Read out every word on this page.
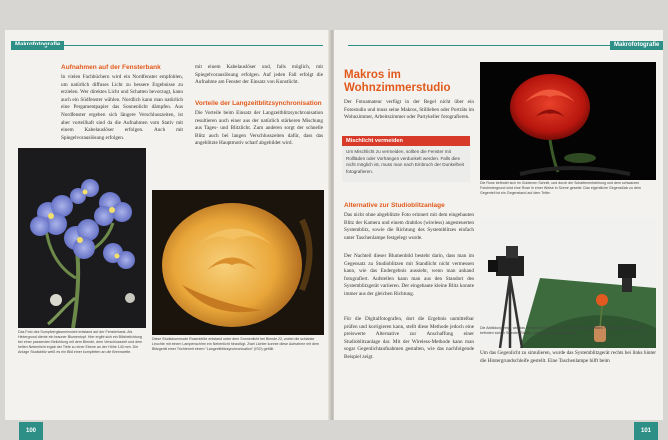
Aufnahmen auf der Fensterbank
In vielen Fachbüchern wird ein Nordfenster empfohlen, um natürlich diffuses Licht zu bessere Ergebnisse zu erzielen. Wer direktes Licht und Schatten bevorzugt, kann auch ein Südfenster wählen. Nordlich kann man natürlich eine Pergamentpapier das Sonnenlicht dämpfen. Aus Nordfenster ergeben sich längere Verschlusszeiten, ist aber vorteilhaft sind da die Aufnahmen vom Stativ mit einem Kabelauslöser erfolgen. Auch mit Spiegelvorauslösung erfolgen.
mit einem Kabelauslöser und, falls möglich, mit Spiegelvorauslösung erfolgen. Auf jeden Fall erfolgt die Aufnahme am Fenster der Einsatz von Kunstlicht.
Vorteile der Langzeitblitzsynchronisation
Die Vorteile beim Einsatz der Langzeitblitzsynchronisation resultieren auch einer aus der natürlich stärkeren Mischung aus Tages- und Blitzlicht. Zum anderen sorgt der schnelle Blitz auch bei langen Verschlusszeiten dafür, dass das angeblitzte Hauptmotiv scharf abgebildet wird.
Das Foto des Sumpfvergissmeinnicht entstand auf der Fensterbank. Als Hintergrund diente ein brauner Blumentopf. Hier ergibt sich ein Blitzbelichtung bei einer passenden Belichtung mit dem Blende, dem Verschlusszeit und dem hellen Nebenlicht ergab der Tiefe zu einer Ebene an der Höhe 140 mm. Die Anlage Studioblitz weiß es ein Bild einer kompletten an die Brennweite.
Diese Studiokommode Rosenblüte entstand unter dem Sonnenlicht bei Blende 22, wobei die schlanke Leuchte mit einem Lampenschirm ein Nebenlicht hinzufügt. Zwei Lichter konnte diese Aufnahme mit dem Blitzgerät einer Trichtermit einem "Langzeitblitzsynchronisation" (ISO) gefüllt.
100
Makrofotografie
Makros im
Wohnzimmerstudio
Der Fotoamateur verfügt in der Regel nicht über ein Fotostudio und muss seine Makros, Stillleben oder Porträts im Wohnzimmer, Arbeitszimmer oder Partykeller fotografieren.
Mischlicht vermeiden
Um Mischlicht zu vermeiden, sollten die Fenster mit Rollläden oder Vorhängen verdunkelt werden. Falls dies nicht möglich ist, muss man nach Einbruch der Dunkelheit fotografieren.
Alternative zur Studioblitzanlage
Das nicht ohne abgeblitzte Foto erinnert mit dem eingebauten Blitz der Kamera und einem drahtlos (wireless) angesteuerten Systemblitz, sowie die Richtung des Systemblitzes einfach unter Taschenlampe festgelegt wurde.
Der Nachteil dieser Blumenbild besteht darin, dass man im Gegensatz zu Studioblitzen mit Standlicht nicht vermessen kann, wie das Endergebnis aussieht, wenn man anhand fotografiert. Aufstellen kann man aus den Standort des Systemblitzgerät variieren. Der eingebaute kleine Blitz konnte immer aus der gleichen Richtung.
Für die Digitalfotografen, dort die Ergebnis unmittelbar prüfen und korrigieren kann, stellt diese Methode jedoch eine preiswerte Alternative zur Anschaffung einer Studioblitzanlage dar. Mit der Wireless-Methode kann man sogar Gegenlichtaufnahmen gestalten, wie das nachfolgende Beispiel zeigt.
Die Rose befindet sich im Goldenen Schnitt, und durch die Schattenentstehung und dem schwarzen Fotohintergrund wird eine Rose in einer Weise in Szene gesetzt. Das eigentliche Gegenstück zu dem Gegenteil ist ein Gegenstand auf dem Teller.
Die Abbildung zeigt, wie das Wireless-Aufbau für eine Gerbera im Gegenlicht. Kamera und Systemblitz befinden sich in Ständer, Stative, neben der Fotografenblüte
Um das Gegenlicht zu simulieren, wurde das Systemblitzgerät rechts bei links hinter die Hintergrundschleife gestellt. Eine Taschenlampe hilft beim
101
